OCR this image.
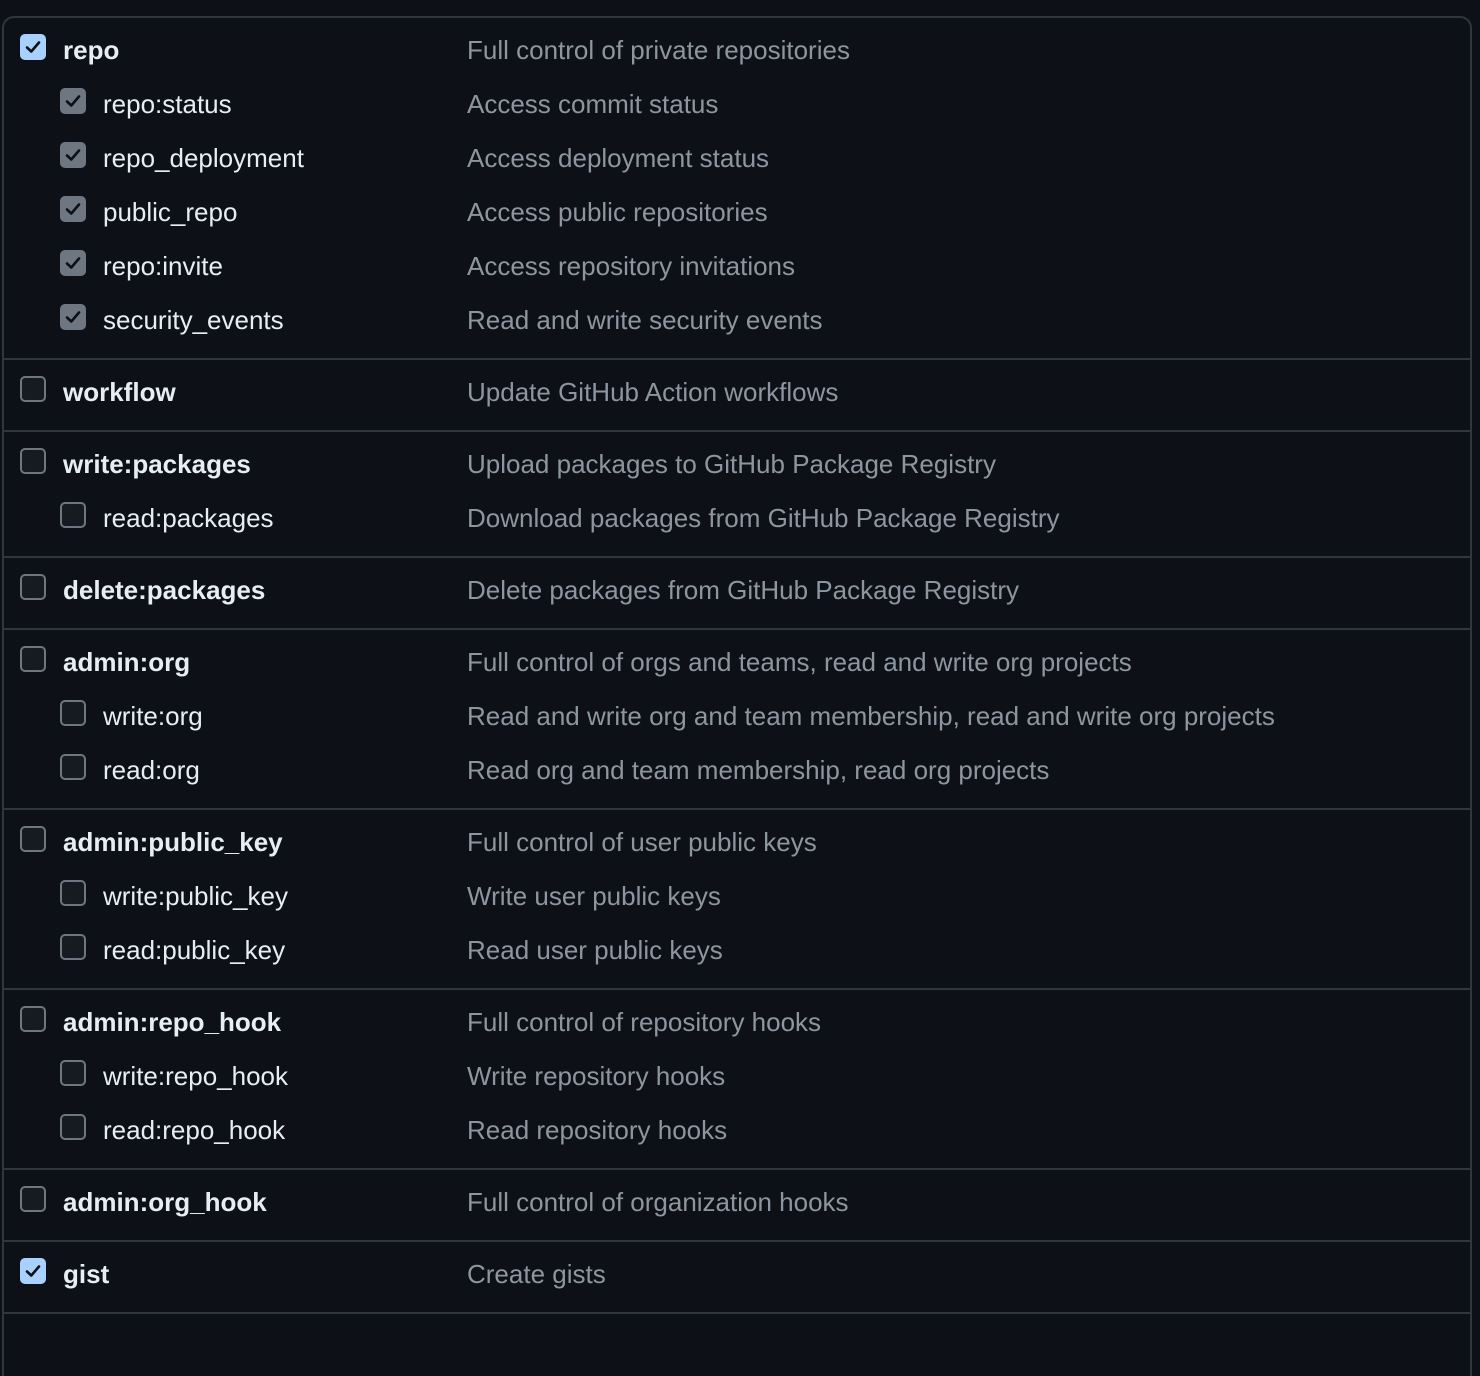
repo	Full control of private repositories
repo:status	Access commit status
repo_deployment	Access deployment status
public_repo	Access public repositories
repo:invite	Access repository invitations
security_events	Read and write security events
workflow	Update GitHub Action workflows
write:packages	Upload packages to GitHub Package Registry
read:packages	Download packages from GitHub Package Registry
delete:packages	Delete packages from GitHub Package Registry
admin:org	Full control of orgs and teams, read and write org projects
write:org	Read and write org and team membership, read and write org projects
read:org	Read org and team membership, read org projects
admin:public_key	Full control of user public keys
write:public_key	Write user public keys
read:public_key	Read user public keys
admin:repo_hook	Full control of repository hooks
write:repo_hook	Write repository hooks
read:repo_hook	Read repository hooks
admin:org_hook	Full control of organization hooks
gist	Create gists
